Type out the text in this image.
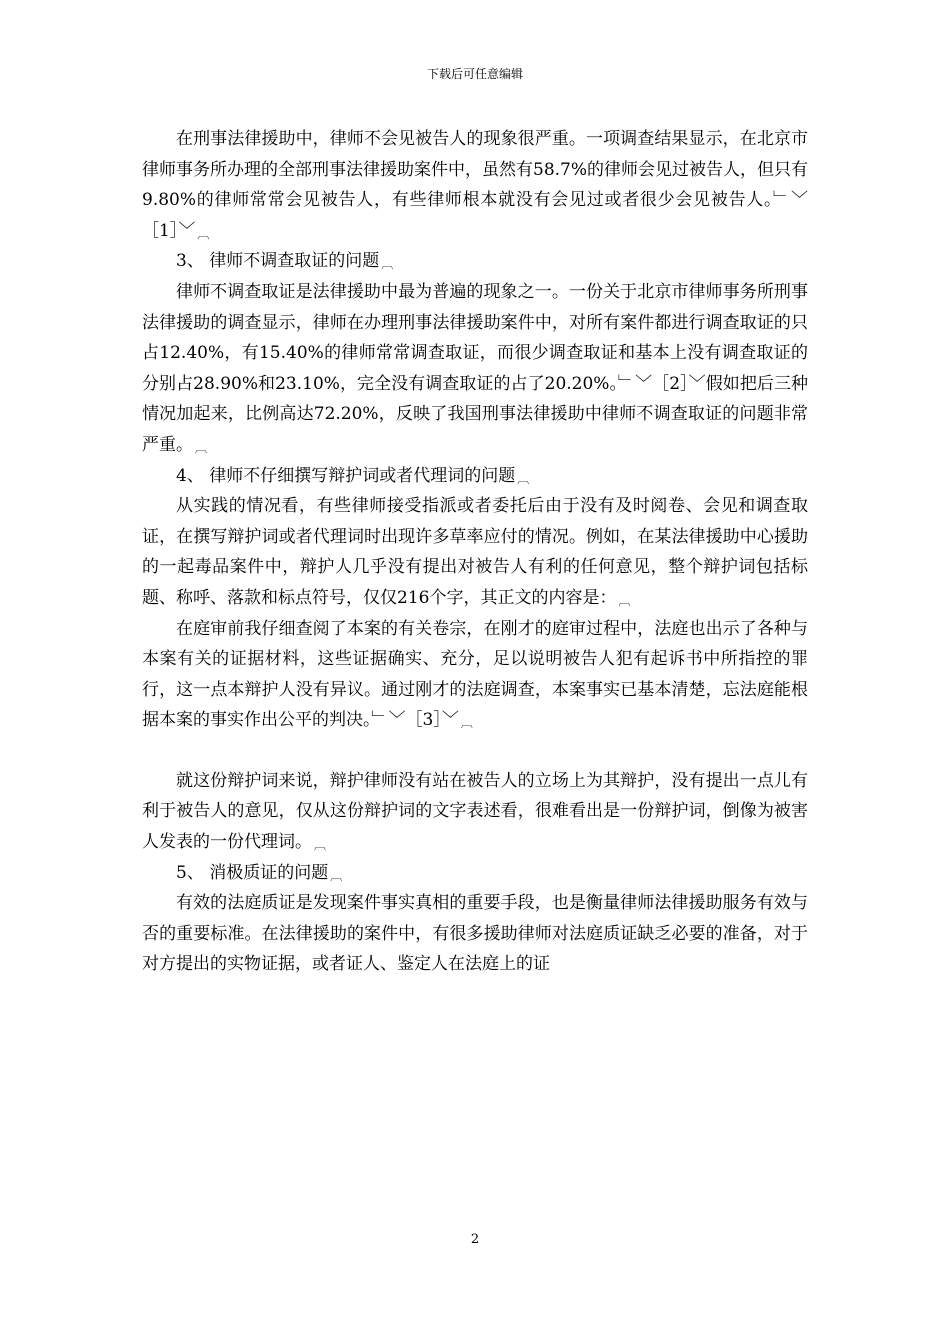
下载后可任意编辑

在刑事法律援助中，律师不会见被告人的现象很严重。一项调查结果显示，在北京市律师事务所办理的全部刑事法律援助案件中，虽然有58.7%的律师会见过被告人，但只有9.80%的律师常常会见被告人，有些律师根本就没有会见过或者很少会见被告人。﹂﹀［1］﹀ ︹

3、 律师不调查取证的问题 ︹

律师不调查取证是法律援助中最为普遍的现象之一。一份关于北京市律师事务所刑事法律援助的调查显示，律师在办理刑事法律援助案件中，对所有案件都进行调查取证的只占12.40%，有15.40%的律师常常调查取证，而很少调查取证和基本上没有调查取证的分别占28.90%和23.10%，完全没有调查取证的占了20.20%。﹂﹀［2］﹀假如把后三种情况加起来，比例高达72.20%，反映了我国刑事法律援助中律师不调查取证的问题非常严重。 ︹

4、 律师不仔细撰写辩护词或者代理词的问题 ︹

从实践的情况看，有些律师接受指派或者委托后由于没有及时阅卷、会见和调查取证，在撰写辩护词或者代理词时出现许多草率应付的情况。例如，在某法律援助中心援助的一起毒品案件中，辩护人几乎没有提出对被告人有利的任何意见，整个辩护词包括标题、称呼、落款和标点符号，仅仅216个字，其正文的内容是： ︹

在庭审前我仔细查阅了本案的有关卷宗，在刚才的庭审过程中，法庭也出示了各种与本案有关的证据材料，这些证据确实、充分，足以说明被告人犯有起诉书中所指控的罪行，这一点本辩护人没有异议。通过刚才的法庭调查，本案事实已基本清楚，忘法庭能根据本案的事实作出公平的判决。﹂﹀［3］﹀ ︹

就这份辩护词来说，辩护律师没有站在被告人的立场上为其辩护，没有提出一点儿有利于被告人的意见，仅从这份辩护词的文字表述看，很难看出是一份辩护词，倒像为被害人发表的一份代理词。 ︹

5、 消极质证的问题 ︹

有效的法庭质证是发现案件事实真相的重要手段，也是衡量律师法律援助服务有效与否的重要标准。在法律援助的案件中，有很多援助律师对法庭质证缺乏必要的准备，对于对方提出的实物证据，或者证人、鉴定人在法庭上的证

2
